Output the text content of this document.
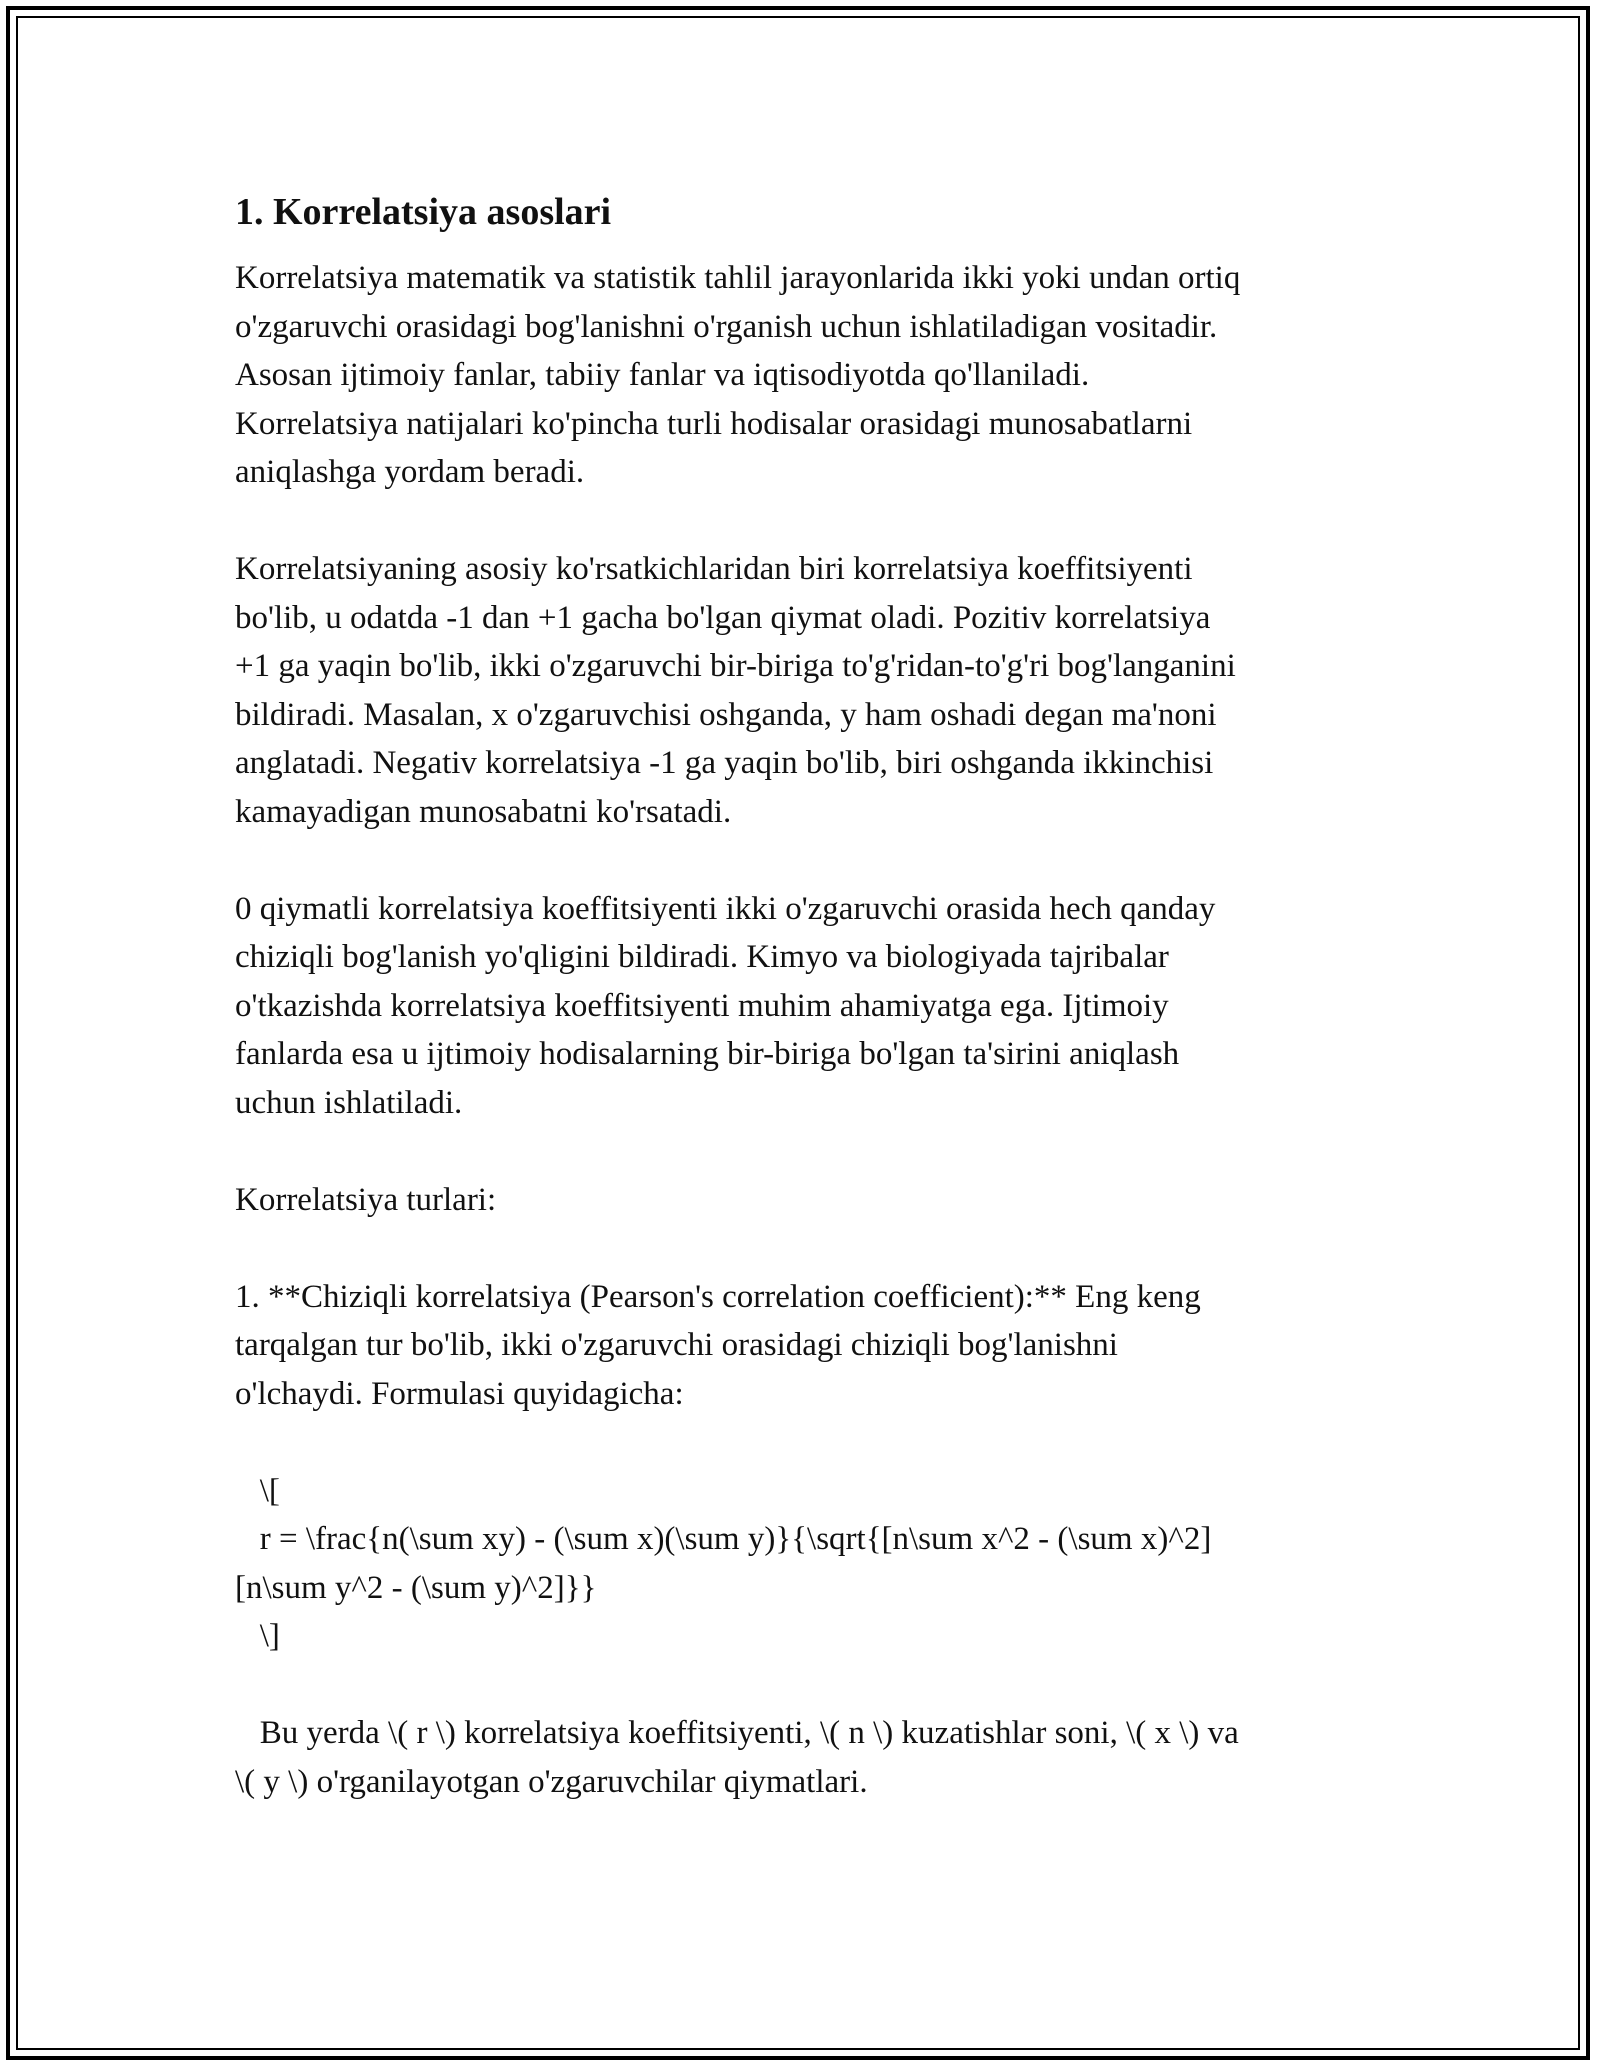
1. Korrelatsiya asoslari
Korrelatsiya matematik va statistik tahlil jarayonlarida ikki yoki undan ortiq
o'zgaruvchi orasidagi bog'lanishni o'rganish uchun ishlatiladigan vositadir.
Asosan ijtimoiy fanlar, tabiiy fanlar va iqtisodiyotda qo'llaniladi.
Korrelatsiya natijalari ko'pincha turli hodisalar orasidagi munosabatlarni
aniqlashga yordam beradi.
Korrelatsiyaning asosiy ko'rsatkichlaridan biri korrelatsiya koeffitsiyenti
bo'lib, u odatda -1 dan +1 gacha bo'lgan qiymat oladi. Pozitiv korrelatsiya
+1 ga yaqin bo'lib, ikki o'zgaruvchi bir-biriga to'g'ridan-to'g'ri bog'langanini
bildiradi. Masalan, x o'zgaruvchisi oshganda, y ham oshadi degan ma'noni
anglatadi. Negativ korrelatsiya -1 ga yaqin bo'lib, biri oshganda ikkinchisi
kamayadigan munosabatni ko'rsatadi.
0 qiymatli korrelatsiya koeffitsiyenti ikki o'zgaruvchi orasida hech qanday
chiziqli bog'lanish yo'qligini bildiradi. Kimyo va biologiyada tajribalar
o'tkazishda korrelatsiya koeffitsiyenti muhim ahamiyatga ega. Ijtimoiy
fanlarda esa u ijtimoiy hodisalarning bir-biriga bo'lgan ta'sirini aniqlash
uchun ishlatiladi.
Korrelatsiya turlari:
1. **Chiziqli korrelatsiya (Pearson's correlation coefficient):** Eng keng
tarqalgan tur bo'lib, ikki o'zgaruvchi orasidagi chiziqli bog'lanishni
o'lchaydi. Formulasi quyidagicha:
\[
r = \frac{n(\sum xy) - (\sum x)(\sum y)}{\sqrt{[n\sum x^2 - (\sum x)^2]
[n\sum y^2 - (\sum y)^2]}}
\]
Bu yerda \( r \) korrelatsiya koeffitsiyenti, \( n \) kuzatishlar soni, \( x \) va
\( y \) o'rganilayotgan o'zgaruvchilar qiymatlari.
